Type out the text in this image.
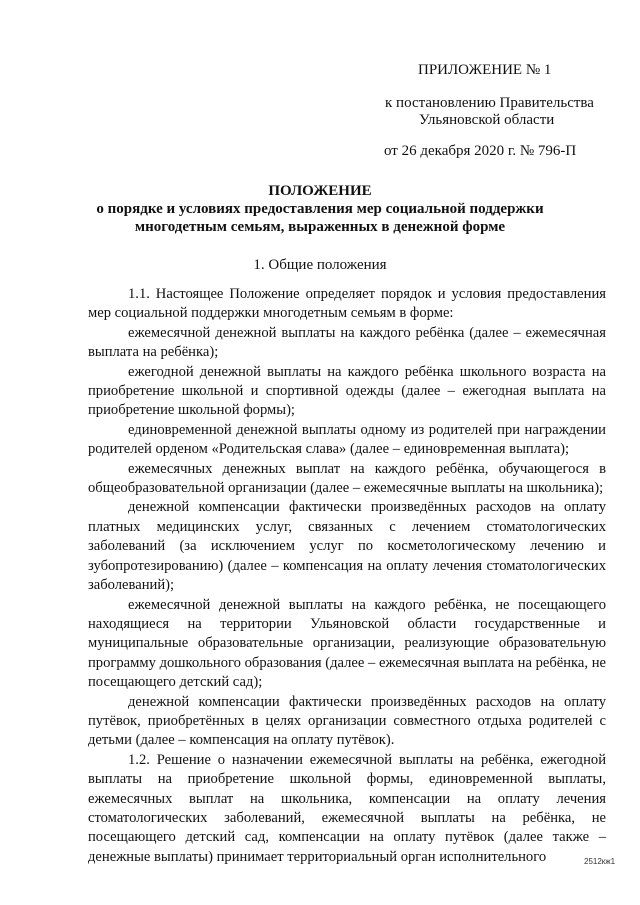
ПРИЛОЖЕНИЕ № 1
к постановлению Правительства
Ульяновской области
от 26 декабря 2020 г. № 796-П
ПОЛОЖЕНИЕ
о порядке и условиях предоставления мер социальной поддержки
многодетным семьям, выраженных в денежной форме
1. Общие положения

1.1. Настоящее Положение определяет порядок и условия предоставления мер социальной поддержки многодетным семьям в форме:

ежемесячной денежной выплаты на каждого ребёнка (далее – ежемесячная выплата на ребёнка);

ежегодной денежной выплаты на каждого ребёнка школьного возраста на приобретение школьной и спортивной одежды (далее – ежегодная выплата на приобретение школьной формы);

единовременной денежной выплаты одному из родителей при награждении родителей орденом «Родительская слава» (далее – единовременная выплата);

ежемесячных денежных выплат на каждого ребёнка, обучающегося в общеобразовательной организации (далее – ежемесячные выплаты на школьника);

денежной компенсации фактически произведённых расходов на оплату платных медицинских услуг, связанных с лечением стоматологических заболеваний (за исключением услуг по косметологическому лечению и зубопротезированию) (далее – компенсация на оплату лечения стоматологических заболеваний);

ежемесячной денежной выплаты на каждого ребёнка, не посещающего находящиеся на территории Ульяновской области государственные и муниципальные образовательные организации, реализующие образовательную программу дошкольного образования (далее – ежемесячная выплата на ребёнка, не посещающего детский сад);

денежной компенсации фактически произведённых расходов на оплату путёвок, приобретённых в целях организации совместного отдыха родителей с детьми (далее – компенсация на оплату путёвок).

1.2. Решение о назначении ежемесячной выплаты на ребёнка, ежегодной выплаты на приобретение школьной формы, единовременной выплаты, ежемесячных выплат на школьника, компенсации на оплату лечения стоматологических заболеваний, ежемесячной выплаты на ребёнка, не посещающего детский сад, компенсации на оплату путёвок (далее также – денежные выплаты) принимает территориальный орган исполнительного	2512кж1
